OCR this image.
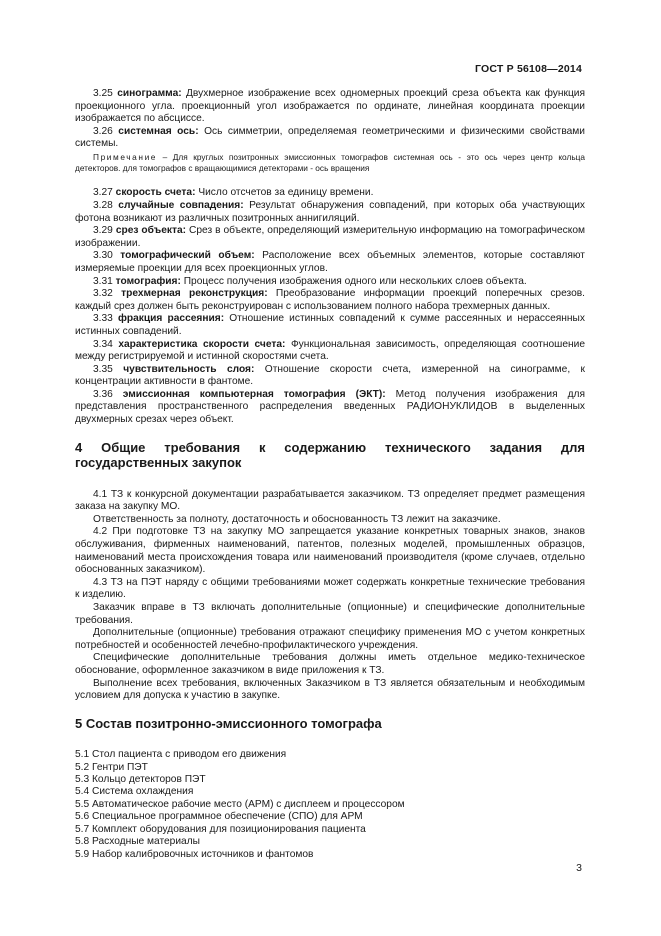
ГОСТ Р 56108—2014

3.25 синограмма: Двухмерное изображение всех одномерных проекций среза объекта как функция проекционного угла. проекционный угол изображается по ординате, линейная координата проекции изображается по абсциссе.

3.26 системная ось: Ось симметрии, определяемая геометрическими и физическими свойствами системы.

Примечание – Для круглых позитронных эмиссионных томографов системная ось - это ось через центр кольца детекторов. для томографов с вращающимися детекторами - ось вращения

3.27 скорость счета: Число отсчетов за единицу времени.

3.28 случайные совпадения: Результат обнаружения совпадений, при которых оба участвующих фотона возникают из различных позитронных аннигиляций.

3.29 срез объекта: Срез в объекте, определяющий измерительную информацию на томографическом изображении.

3.30 томографический объем: Расположение всех объемных элементов, которые составляют измеряемые проекции для всех проекционных углов.

3.31 томография: Процесс получения изображения одного или нескольких слоев объекта.

3.32 трехмерная реконструкция: Преобразование информации проекций поперечных срезов. каждый срез должен быть реконструирован с использованием полного набора трехмерных данных.

3.33 фракция рассеяния: Отношение истинных совпадений к сумме рассеянных и нерассеянных истинных совпадений.

3.34 характеристика скорости счета: Функциональная зависимость, определяющая соотношение между регистрируемой и истинной скоростями счета.

3.35 чувствительность слоя: Отношение скорости счета, измеренной на синограмме, к концентрации активности в фантоме.

3.36 эмиссионная компьютерная томография (ЭКТ): Метод получения изображения для представления пространственного распределения введенных РАДИОНУКЛИДОВ в выделенных двухмерных срезах через объект.

4 Общие требования к содержанию технического задания для государственных закупок

4.1 ТЗ к конкурсной документации разрабатывается заказчиком. ТЗ определяет предмет размещения заказа на закупку МО.

Ответственность за полноту, достаточность и обоснованность ТЗ лежит на заказчике.

4.2 При подготовке ТЗ на закупку МО запрещается указание конкретных товарных знаков, знаков обслуживания, фирменных наименований, патентов, полезных моделей, промышленных образцов, наименований места происхождения товара или наименований производителя (кроме случаев, отдельно обоснованных заказчиком).

4.3 ТЗ на ПЭТ наряду с общими требованиями может содержать конкретные технические требования к изделию.

Заказчик вправе в ТЗ включать дополнительные (опционные) и специфические дополнительные требования.

Дополнительные (опционные) требования отражают специфику применения МО с учетом конкретных потребностей и особенностей лечебно-профилактического учреждения.

Специфические дополнительные требования должны иметь отдельное медико-техническое обоснование, оформленное заказчиком в виде приложения к ТЗ.

Выполнение всех требования, включенных Заказчиком в ТЗ является обязательным и необходимым условием для допуска к участию в закупке.

5 Состав позитронно-эмиссионного томографа

5.1 Стол пациента с приводом его движения

5.2 Гентри ПЭТ

5.3 Кольцо детекторов ПЭТ

5.4 Система охлаждения

5.5 Автоматическое рабочие место (АРМ) с дисплеем и процессором

5.6 Специальное программное обеспечение (СПО) для АРМ

5.7 Комплект оборудования для позиционирования пациента

5.8 Расходные материалы

5.9 Набор калибровочных источников и фантомов

3
